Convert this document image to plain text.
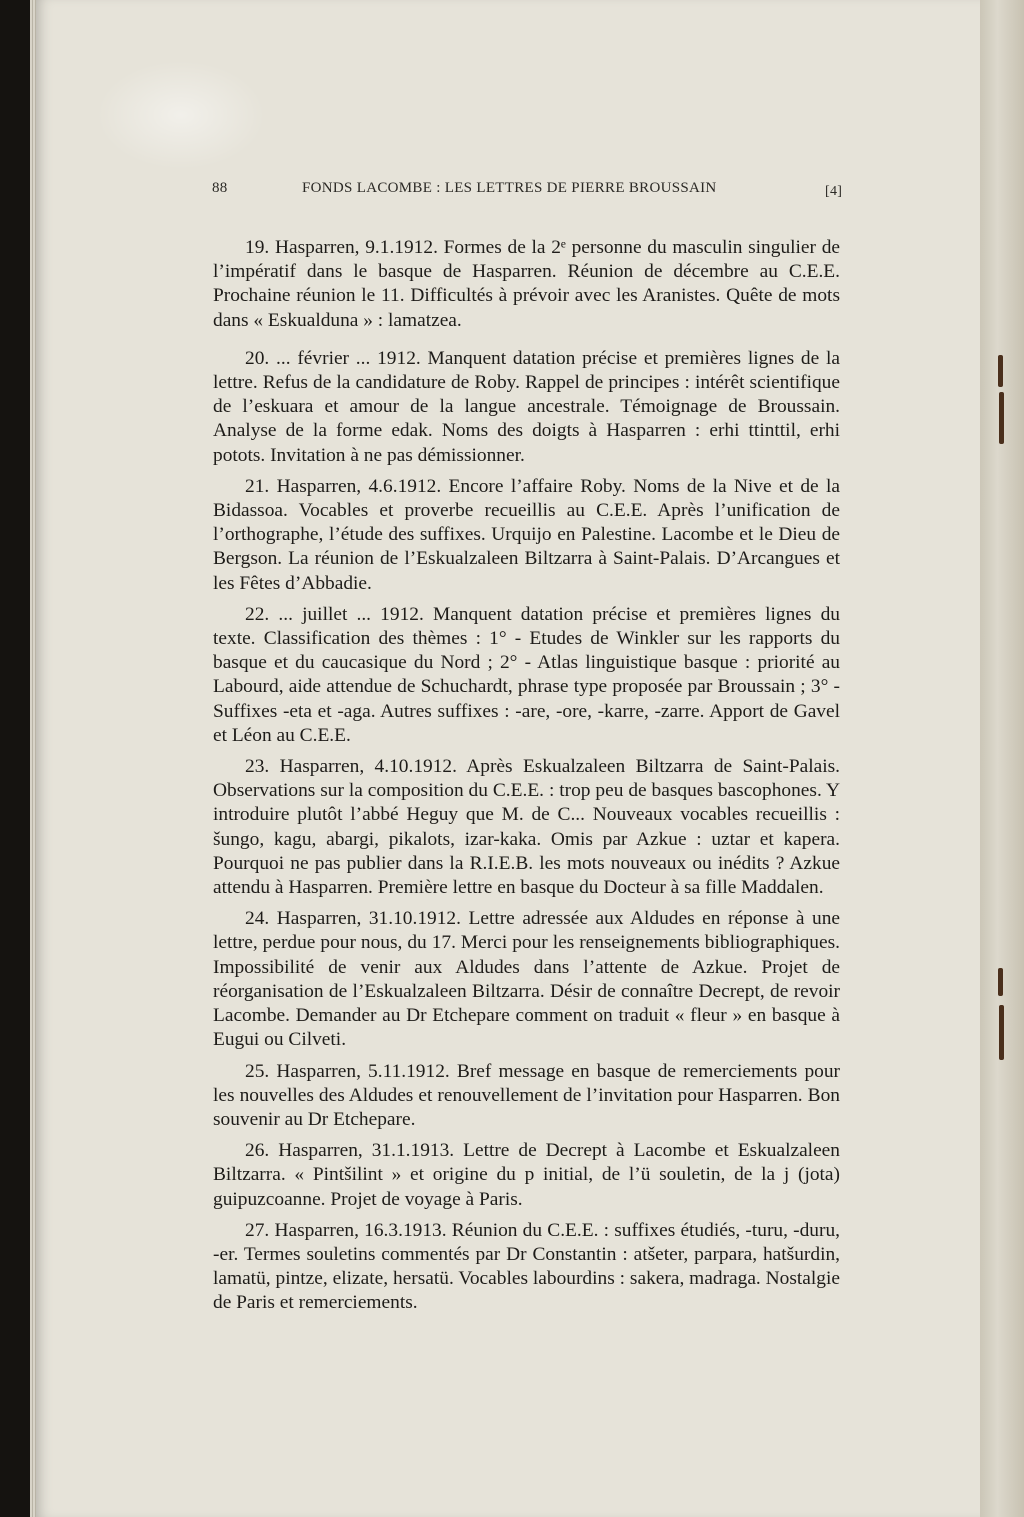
88	FONDS LACOMBE : LES LETTRES DE PIERRE BROUSSAIN	[4]

19. Hasparren, 9.1.1912. Formes de la 2ᵉ personne du masculin singulier de l’impératif dans le basque de Hasparren. Réunion de décembre au C.E.E. Prochaine réunion le 11. Difficultés à prévoir avec les Aranistes. Quête de mots dans « Eskualduna » : lamatzea.

20. ... février ... 1912. Manquent datation précise et premières lignes de la lettre. Refus de la candidature de Roby. Rappel de principes : intérêt scientifique de l’eskuara et amour de la langue ancestrale. Témoignage de Broussain. Analyse de la forme edak. Noms des doigts à Hasparren : erhi ttinttil, erhi potots. Invitation à ne pas démissionner.

21. Hasparren, 4.6.1912. Encore l’affaire Roby. Noms de la Nive et de la Bidassoa. Vocables et proverbe recueillis au C.E.E. Après l’unification de l’orthographe, l’étude des suffixes. Urquijo en Palestine. Lacombe et le Dieu de Bergson. La réunion de l’Eskualzaleen Biltzarra à Saint-Palais. D’Arcangues et les Fêtes d’Abbadie.

22. ... juillet ... 1912. Manquent datation précise et premières lignes du texte. Classification des thèmes : 1° - Etudes de Winkler sur les rapports du basque et du caucasique du Nord ; 2° - Atlas linguistique basque : priorité au Labourd, aide attendue de Schuchardt, phrase type proposée par Broussain ; 3° - Suffixes -eta et -aga. Autres suffixes : -are, -ore, -karre, -zarre. Apport de Gavel et Léon au C.E.E.

23. Hasparren, 4.10.1912. Après Eskualzaleen Biltzarra de Saint-Palais. Observations sur la composition du C.E.E. : trop peu de basques bascophones. Y introduire plutôt l’abbé Heguy que M. de C... Nouveaux vocables recueillis : šungo, kagu, abargi, pikalots, izar-kaka. Omis par Azkue : uztar et kapera. Pourquoi ne pas publier dans la R.I.E.B. les mots nouveaux ou inédits ? Azkue attendu à Hasparren. Première lettre en basque du Docteur à sa fille Maddalen.

24. Hasparren, 31.10.1912. Lettre adressée aux Aldudes en réponse à une lettre, perdue pour nous, du 17. Merci pour les renseignements bibliographiques. Impossibilité de venir aux Aldudes dans l’attente de Azkue. Projet de réorganisation de l’Eskualzaleen Biltzarra. Désir de connaître Decrept, de revoir Lacombe. Demander au Dr Etchepare comment on traduit « fleur » en basque à Eugui ou Cilveti.

25. Hasparren, 5.11.1912. Bref message en basque de remerciements pour les nouvelles des Aldudes et renouvellement de l’invitation pour Hasparren. Bon souvenir au Dr Etchepare.

26. Hasparren, 31.1.1913. Lettre de Decrept à Lacombe et Eskualzaleen Biltzarra. « Pintšilint » et origine du p initial, de l’ü souletin, de la j (jota) guipuzcoanne. Projet de voyage à Paris.

27. Hasparren, 16.3.1913. Réunion du C.E.E. : suffixes étudiés, -turu, -duru, -er. Termes souletins commentés par Dr Constantin : atšeter, parpara, hatšurdin, lamatü, pintze, elizate, hersatü. Vocables labourdins : sakera, madraga. Nostalgie de Paris et remerciements.
